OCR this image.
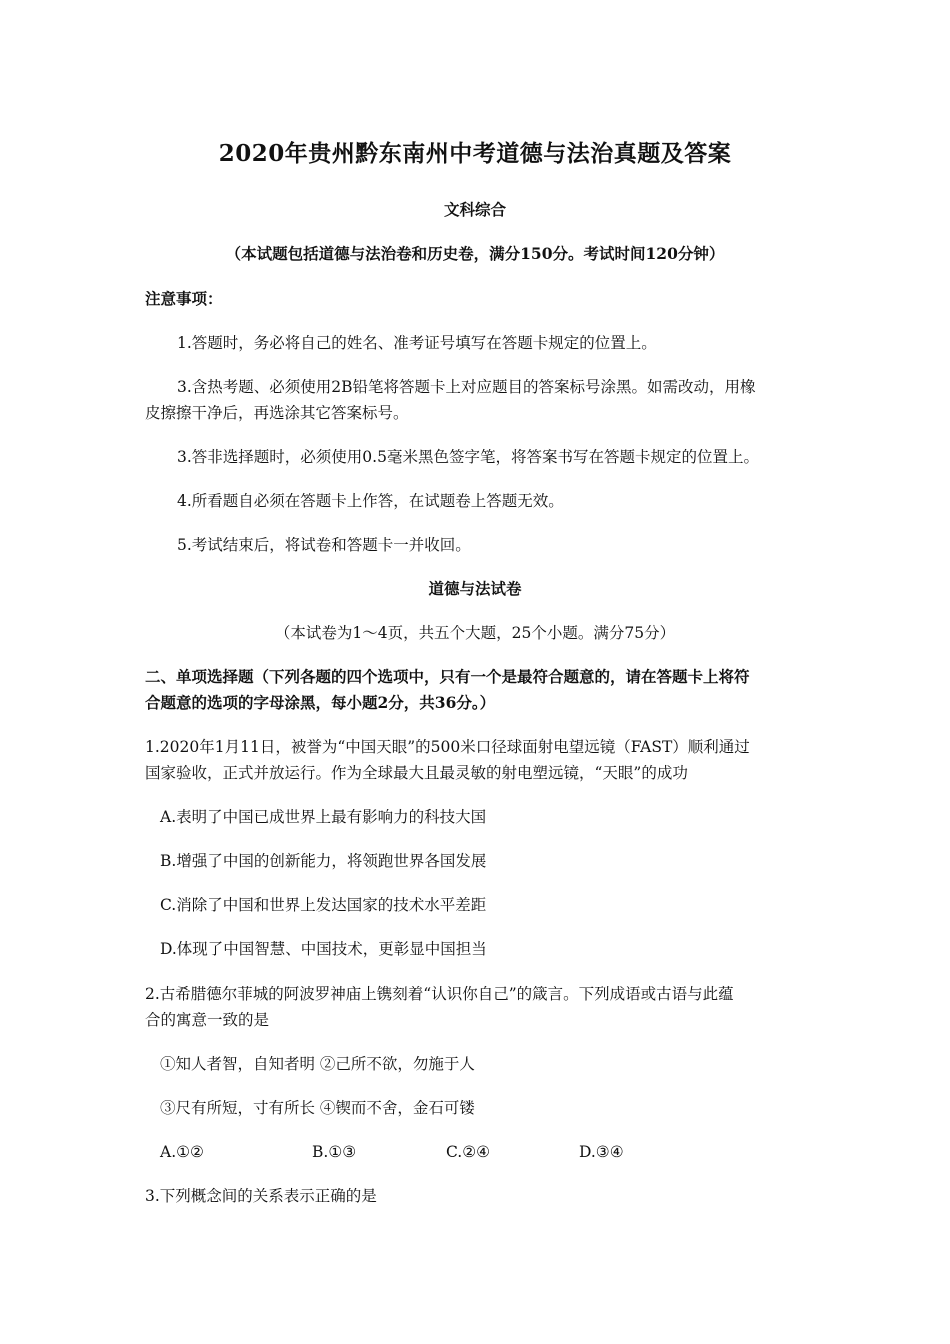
2020年贵州黔东南州中考道德与法治真题及答案

文科综合

（本试题包括道德与法治卷和历史卷，满分150分。考试时间120分钟）

注意事项：

1.答题时，务必将自己的姓名、准考证号填写在答题卡规定的位置上。

3.含热考题、必须使用2B铅笔将答题卡上对应题目的答案标号涂黑。如需改动，用橡

皮擦擦干净后，再选涂其它答案标号。

3.答非选择题时，必须使用0.5毫米黑色签字笔，将答案书写在答题卡规定的位置上。

4.所看题自必须在答题卡上作答，在试题卷上答题无效。

5.考试结束后，将试卷和答题卡一并收回。

道德与法试卷

（本试卷为1～4页，共五个大题，25个小题。满分75分）

二、单项选择题（下列各题的四个选项中，只有一个是最符合题意的，请在答题卡上将符

合题意的选项的字母涂黑，每小题2分，共36分。）

1.2020年1月11日，被誉为“中国天眼”的500米口径球面射电望远镜（FAST）顺利通过

国家验收，正式并放运行。作为全球最大且最灵敏的射电塑远镜，“天眼”的成功

A.表明了中国已成世界上最有影响力的科技大国

B.增强了中国的创新能力，将领跑世界各国发展

C.消除了中国和世界上发达国家的技术水平差距

D.体现了中国智慧、中国技术，更彰显中国担当

2.古希腊德尔菲城的阿波罗神庙上镌刻着“认识你自己”的箴言。下列成语或古语与此蕴

合的寓意一致的是

①知人者智，自知者明 ②己所不欲，勿施于人

③尺有所短，寸有所长 ④锲而不舍，金石可镂

A.①②	B.①③	C.②④	D.③④

3.下列概念间的关系表示正确的是
